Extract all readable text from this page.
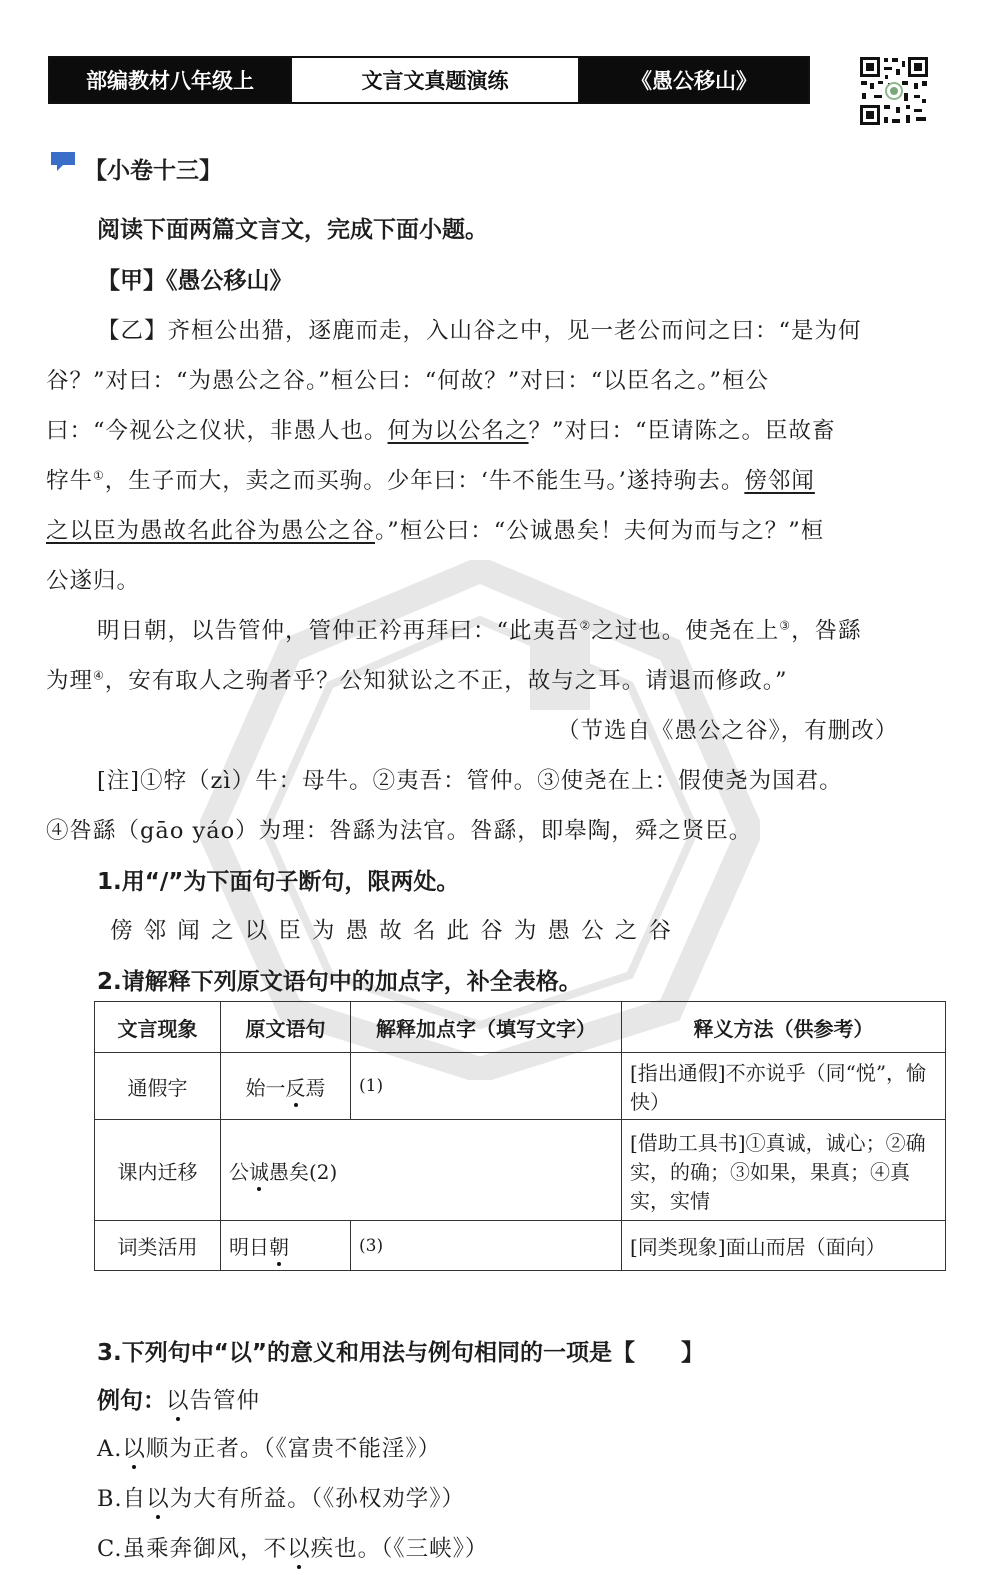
部编教材八年级上	文言文真题演练	《愚公移山》
【小卷十三】
阅读下面两篇文言文，完成下面小题。
【甲】《愚公移山》
【乙】齐桓公出猎，逐鹿而走，入山谷之中，见一老公而问之曰：“是为何
谷？”对曰：“为愚公之谷。”桓公曰：“何故？”对曰：“以臣名之。”桓公
曰：“今视公之仪状，非愚人也。何为以公名之？”对曰：“臣请陈之。臣故畜
牸牛①，生子而大，卖之而买驹。少年曰：‘牛不能生马。’遂持驹去。傍邻闻
之以臣为愚故名此谷为愚公之谷。”桓公曰：“公诚愚矣！夫何为而与之？”桓
公遂归。
明日朝，以告管仲，管仲正衿再拜曰：“此夷吾②之过也。使尧在上③，咎繇
为理④，安有取人之驹者乎？公知狱讼之不正，故与之耳。请退而修政。”
（节选自《愚公之谷》，有删改）
[注]①牸（zì）牛：母牛。②夷吾：管仲。③使尧在上：假使尧为国君。
④咎繇（gāo yáo）为理：咎繇为法官。咎繇，即皋陶，舜之贤臣。
1.用“/”为下面句子断句，限两处。
傍 邻 闻 之 以 臣 为 愚 故 名 此 谷 为 愚 公 之 谷
2.请解释下列原文语句中的加点字，补全表格。
文言现象	原文语句	解释加点字（填写文字）	释义方法（供参考）
通假字	始一反焉	(1)	[指出通假]不亦说乎（同“悦”，愉快）
课内迁移	公诚愚矣(2)		[借助工具书]①真诚，诚心；②确实，的确；③如果，果真；④真实，实情
词类活用	明日朝	(3)	[同类现象]面山而居（面向）
3.下列句中“以”的意义和用法与例句相同的一项是【　　】
例句：以告管仲
A.以顺为正者。（《富贵不能淫》）
B.自以为大有所益。（《孙权劝学》）
C.虽乘奔御风，不以疾也。（《三峡》）
